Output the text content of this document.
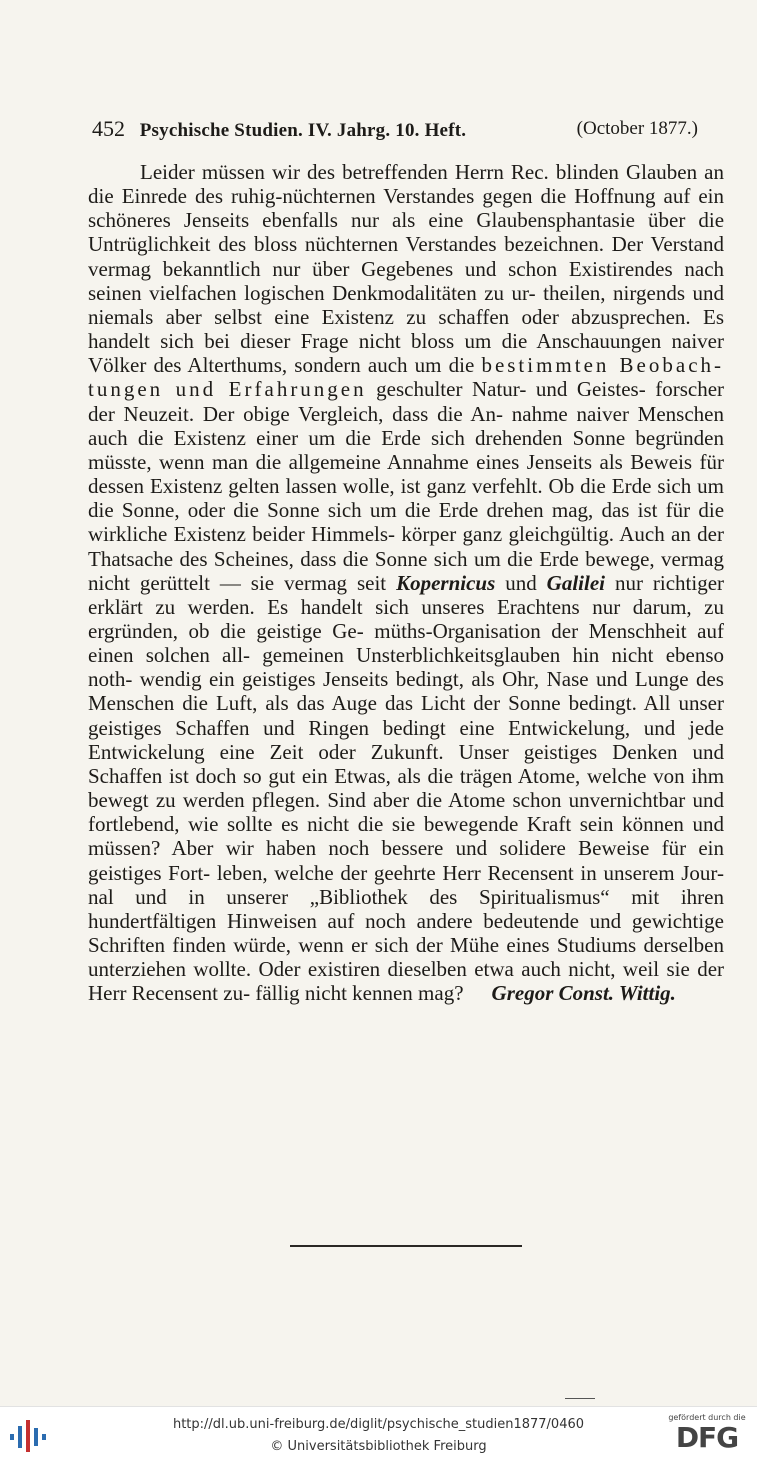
452 Psychische Studien. IV. Jahrg. 10. Heft.	(October 1877.)

Leider müssen wir des betreffenden Herrn Rec. blinden Glauben an die Einrede des ruhig-nüchternen Verstandes gegen die Hoffnung auf ein schöneres Jenseits ebenfalls nur als eine Glaubensphantasie über die Untrüglichkeit des bloss nüchternen Verstandes bezeichnen. Der Verstand vermag bekanntlich nur über Gegebenes und schon Existirendes nach seinen vielfachen logischen Denkmodalitäten zu ur- theilen, nirgends und niemals aber selbst eine Existenz zu schaffen oder abzusprechen. Es handelt sich bei dieser Frage nicht bloss um die Anschauungen naiver Völker des Alterthums, sondern auch um die bestimmten Beobach- tungen und Erfahrungen geschulter Natur- und Geistes- forscher der Neuzeit. Der obige Vergleich, dass die An- nahme naiver Menschen auch die Existenz einer um die Erde sich drehenden Sonne begründen müsste, wenn man die allgemeine Annahme eines Jenseits als Beweis für dessen Existenz gelten lassen wolle, ist ganz verfehlt. Ob die Erde sich um die Sonne, oder die Sonne sich um die Erde drehen mag, das ist für die wirkliche Existenz beider Himmels- körper ganz gleichgültig. Auch an der Thatsache des Scheines, dass die Sonne sich um die Erde bewege, vermag nicht gerüttelt — sie vermag seit Kopernicus und Galilei nur richtiger erklärt zu werden. Es handelt sich unseres Erachtens nur darum, zu ergründen, ob die geistige Ge- müths-Organisation der Menschheit auf einen solchen all- gemeinen Unsterblichkeitsglauben hin nicht ebenso noth- wendig ein geistiges Jenseits bedingt, als Ohr, Nase und Lunge des Menschen die Luft, als das Auge das Licht der Sonne bedingt. All unser geistiges Schaffen und Ringen bedingt eine Entwickelung, und jede Entwickelung eine Zeit oder Zukunft. Unser geistiges Denken und Schaffen ist doch so gut ein Etwas, als die trägen Atome, welche von ihm bewegt zu werden pflegen. Sind aber die Atome schon unvernichtbar und fortlebend, wie sollte es nicht die sie bewegende Kraft sein können und müssen? Aber wir haben noch bessere und solidere Beweise für ein geistiges Fort- leben, welche der geehrte Herr Recensent in unserem Jour- nal und in unserer „Bibliothek des Spiritualismus“ mit ihren hundertfältigen Hinweisen auf noch andere bedeutende und gewichtige Schriften finden würde, wenn er sich der Mühe eines Studiums derselben unterziehen wollte. Oder existiren dieselben etwa auch nicht, weil sie der Herr Recensent zu- fällig nicht kennen mag? Gregor Const. Wittig.

http://dl.ub.uni-freiburg.de/diglit/psychische_studien1877/0460
© Universitätsbibliothek Freiburg
gefördert durch die
DFG
